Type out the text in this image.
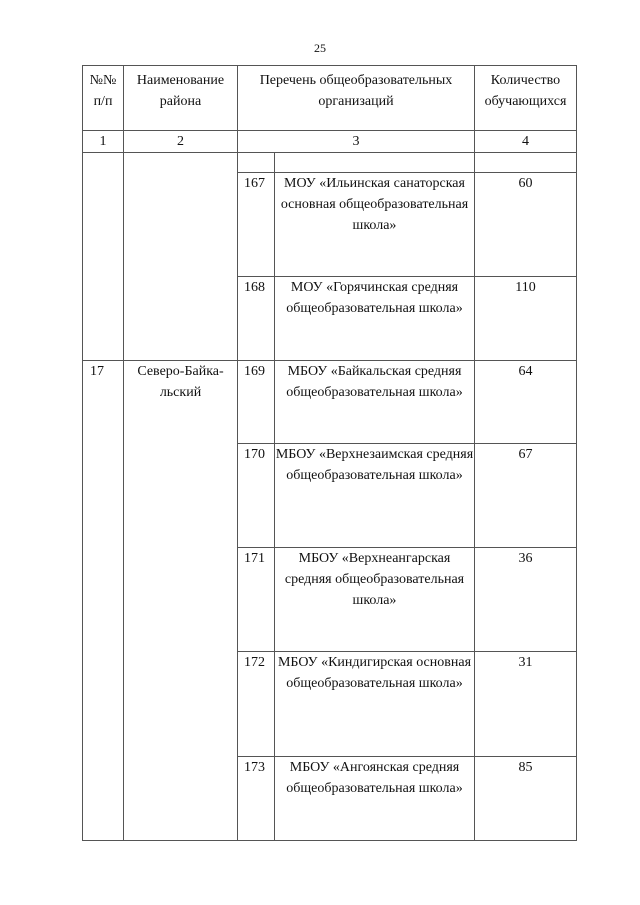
25
№№ п/п	Наименование района	Перечень общеобразовательных организаций		Количество обучающихся
1	2	3		4

		167	МОУ «Ильинская санаторская основная общеобразовательная школа»	60
		168	МОУ «Горячинская средняя общеобразовательная школа»	110
17	Северо-Байка-льский	169	МБОУ «Байкальская средняя общеобразовательная школа»	64
		170	МБОУ «Верхнезаимская средняя общеобразовательная школа»	67
		171	МБОУ «Верхнеангарская средняя общеобразовательная школа»	36
		172	МБОУ «Киндигирская основная общеобразовательная школа»	31
		173	МБОУ «Ангоянская средняя общеобразовательная школа»	85
